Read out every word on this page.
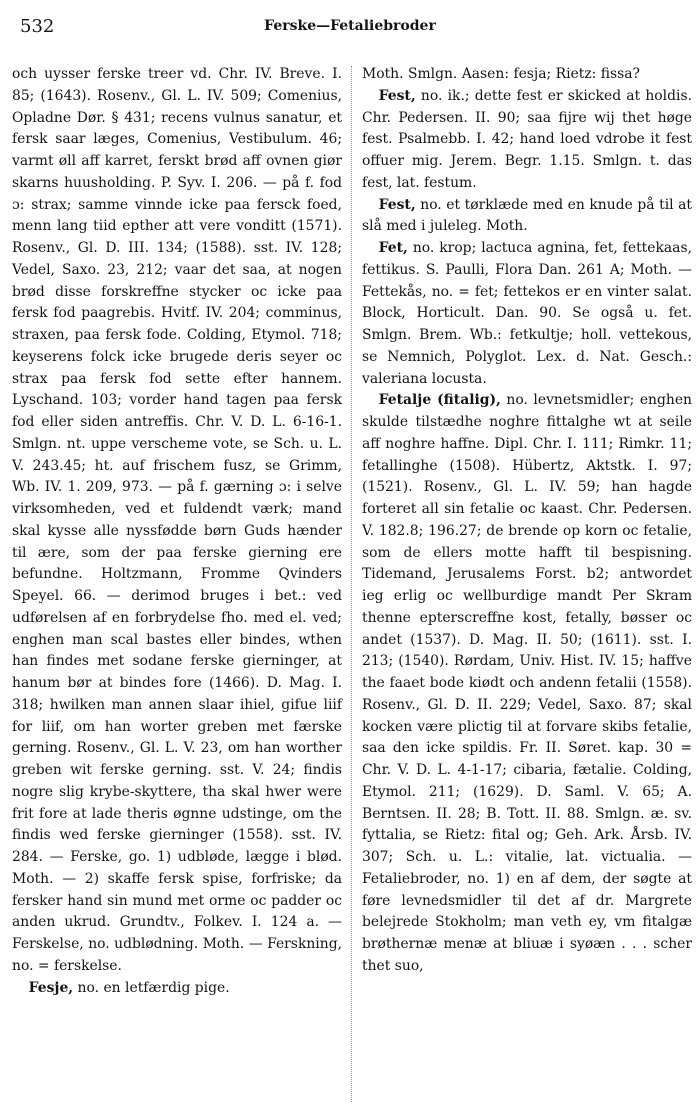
532	Ferske—Fetaliebroder

och uysser ferske treer vd. Chr. IV. Breve. I. 85; (1643). Rosenv., Gl. L. IV. 509; Comenius, Opladne Dør. § 431; recens vulnus sanatur, et fersk saar læges, Comenius, Vestibulum. 46; varmt øll aff karret, ferskt brød aff ovnen giør skarns huusholding. P. Syv. I. 206. — på f. fod ɔ: strax; samme vinnde icke paa fersck foed, menn lang tiid epther att vere vonditt (1571). Rosenv., Gl. D. III. 134; (1588). sst. IV. 128; Vedel, Saxo. 23, 212; vaar det saa, at nogen brød disse forskreffne stycker oc icke paa fersk fod paagrebis. Hvitf. IV. 204; comminus, straxen, paa fersk fode. Colding, Etymol. 718; keyserens folck icke brugede deris seyer oc strax paa fersk fod sette efter hannem. Lyschand. 103; vorder hand tagen paa fersk fod eller siden antreffis. Chr. V. D. L. 6-16-1. Smlgn. nt. uppe verscheme vote, se Sch. u. L. V. 243.45; ht. auf frischem fusz, se Grimm, Wb. IV. 1. 209, 973. — på f. gærning ɔ: i selve virksomheden, ved et fuldendt værk; mand skal kysse alle nyssfødde børn Guds hænder til ære, som der paa ferske gierning ere befundne. Holtzmann, Fromme Qvinders Speyel. 66. — derimod bruges i bet.: ved udførelsen af en forbrydelse fho. med el. ved; enghen man scal bastes eller bindes, wthen han findes met sodane ferske gierninger, at hanum bør at bindes fore (1466). D. Mag. I. 318; hwilken man annen slaar ihiel, gifue liif for liif, om han worter greben met færske gerning. Rosenv., Gl. L. V. 23, om han worther greben wit ferske gerning. sst. V. 24; findis nogre slig krybe-skyttere, tha skal hwer were frit fore at lade theris øgnne udstinge, om the findis wed ferske gierninger (1558). sst. IV. 284. — Ferske, go. 1) udbløde, lægge i blød. Moth. — 2) skaffe fersk spise, forfriske; da fersker hand sin mund met orme oc padder oc anden ukrud. Grundtv., Folkev. I. 124 a. — Ferskelse, no. udblødning. Moth. — Ferskning, no. = ferskelse.

Fesje, no. en letfærdig pige.

Moth. Smlgn. Aasen: fesja; Rietz: fissa?

Fest, no. ik.; dette fest er skicked at holdis. Chr. Pedersen. II. 90; saa fijre wij thet høge fest. Psalmebb. I. 42; hand loed vdrobe it fest offuer mig. Jerem. Begr. 1.15. Smlgn. t. das fest, lat. festum.

Fest, no. et tørklæde med en knude på til at slå med i juleleg. Moth.

Fet, no. krop; lactuca agnina, fet, fettekaas, fettikus. S. Paulli, Flora Dan. 261 A; Moth. — Fettekås, no. = fet; fettekos er en vinter salat. Block, Horticult. Dan. 90. Se også u. fet. Smlgn. Brem. Wb.: fetkultje; holl. vettekous, se Nemnich, Polyglot. Lex. d. Nat. Gesch.: valeriana locusta.

Fetalje (fitalig), no. levnetsmidler; enghen skulde tilstædhe noghre fittalghe wt at seile aff noghre haffne. Dipl. Chr. I. 111; Rimkr. 11; fetallinghe (1508). Hübertz, Aktstk. I. 97; (1521). Rosenv., Gl. L. IV. 59; han hagde forteret all sin fetalie oc kaast. Chr. Pedersen. V. 182.8; 196.27; de brende op korn oc fetalie, som de ellers motte hafft til bespisning. Tidemand, Jerusalems Forst. b2; antwordet ieg erlig oc wellburdige mandt Per Skram thenne epterscreffne kost, fetally, bøsser oc andet (1537). D. Mag. II. 50; (1611). sst. I. 213; (1540). Rørdam, Univ. Hist. IV. 15; haffve the faaet bode kiødt och andenn fetalii (1558). Rosenv., Gl. D. II. 229; Vedel, Saxo. 87; skal kocken være plictig til at forvare skibs fetalie, saa den icke spildis. Fr. II. Søret. kap. 30 = Chr. V. D. L. 4-1-17; cibaria, fætalie. Colding, Etymol. 211; (1629). D. Saml. V. 65; A. Berntsen. II. 28; B. Tott. II. 88. Smlgn. æ. sv. fyttalia, se Rietz: fital og; Geh. Ark. Årsb. IV. 307; Sch. u. L.: vitalie, lat. victualia. — Fetaliebroder, no. 1) en af dem, der søgte at føre levnedsmidler til det af dr. Margrete belejrede Stokholm; man veth ey, vm fitalgæ brøthernæ menæ at bliuæ i syøæn . . . scher thet suo,
